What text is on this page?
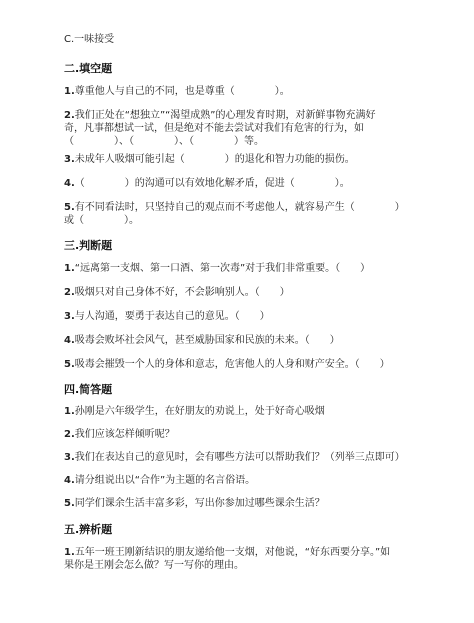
C.一味接受
二.填空题
1.尊重他人与自己的不同，也是尊重（　　　　）。
2.我们正处在“想独立”“渴望成熟”的心理发育时期，对新鲜事物充满好
奇，凡事都想试一试，但是绝对不能去尝试对我们有危害的行为，如
（　　　　）、（　　　　）、（　　　　）等。
3.未成年人吸烟可能引起（　　　　）的退化和智力功能的损伤。
4.（　　　　）的沟通可以有效地化解矛盾，促进（　　　　）。
5.有不同看法时，只坚持自己的观点而不考虑他人，就容易产生（　　　　）
或（　　　　）。
三.判断题
1.“远离第一支烟、第一口酒、第一次毒”对于我们非常重要。（　　）
2.吸烟只对自己身体不好，不会影响别人。（　　）
3.与人沟通，要勇于表达自己的意见。（　　）
4.吸毒会败坏社会风气，甚至威胁国家和民族的未来。（　　）
5.吸毒会摧毁一个人的身体和意志，危害他人的人身和财产安全。（　　）
四.简答题
1.孙刚是六年级学生，在好朋友的劝说上，处于好奇心吸烟
2.我们应该怎样倾听呢？
3.我们在表达自己的意见时，会有哪些方法可以帮助我们？（列举三点即可）
4.请分组说出以“合作”为主题的名言俗语。
5.同学们课余生活丰富多彩，写出你参加过哪些课余生活？
五.辨析题
1.五年一班王刚新结识的朋友递给他一支烟，对他说，“好东西要分享。”如
果你是王刚会怎么做？写一写你的理由。
